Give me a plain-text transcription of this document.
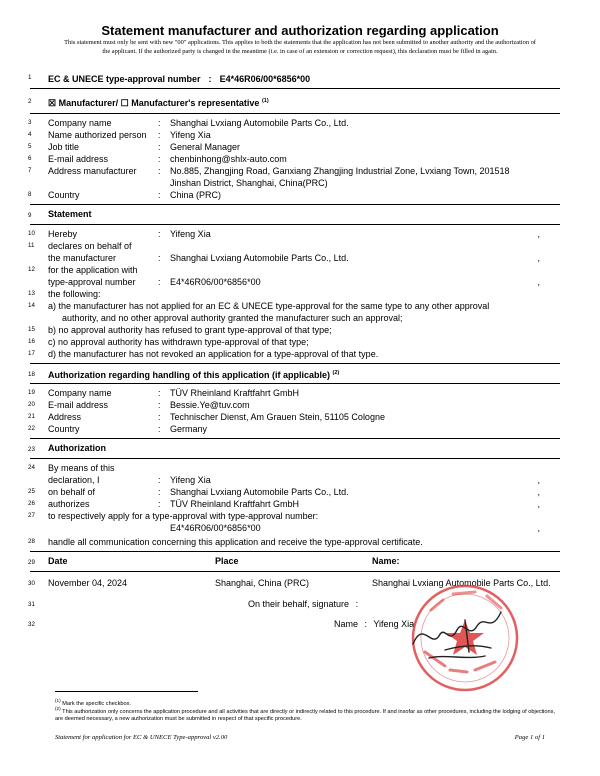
Statement manufacturer and authorization regarding application
This statement must only be sent with new "00" applications. This applies to both the statements that the application has not been submitted to another authority and the authorization of the applicant. If the authorized party is changed in the meantime (i.e. in case of an extension or correction request), this declaration must be filled in again.
1 EC & UNECE type-approval number : E4*46R06/00*6856*00
2 ☒ Manufacturer/ ☐ Manufacturer's representative $^{(1)}$
3 Company name	: Shanghai Lvxiang Automobile Parts Co., Ltd.
4 Name authorized person : Yifeng Xia
5 Job title	: General Manager
6 E-mail address	: chenbinhong@shlx-auto.com
7 Address manufacturer : No.885, Zhangjing Road, Ganxiang Zhangjing Industrial Zone, Lvxiang Town, 201518
Jinshan District, Shanghai, China(PRC)
8 Country	: China (PRC)
9 Statement
10 Hereby	: Yifeng Xia	,
11 declares on behalf of
the manufacturer	: Shanghai Lvxiang Automobile Parts Co., Ltd.	,
12 for the application with
type-approval number : E4*46R06/00*6856*00	,
13 the following:
14 a) the manufacturer has not applied for an EC & UNECE type-approval for the same type to any other approval
authority, and no other approval authority granted the manufacturer such an approval;
15 b) no approval authority has refused to grant type-approval of that type;
16 c) no approval authority has withdrawn type-approval of that type;
17 d) the manufacturer has not revoked an application for a type-approval of that type.
18 Authorization regarding handling of this application (if applicable) $^{(2)}$
19 Company name	: TÜV Rheinland Kraftfahrt GmbH
20 E-mail address	: Bessie.Ye@tuv.com
21 Address	: Technischer Dienst, Am Grauen Stein, 51105 Cologne
22 Country	: Germany
23 Authorization
24 By means of this
declaration, I	: Yifeng Xia	,
25 on behalf of	: Shanghai Lvxiang Automobile Parts Co., Ltd.	,
26 authorizes	: TÜV Rheinland Kraftfahrt GmbH	,
27 to respectively apply for a type-approval with type-approval number:
E4*46R06/00*6856*00	,
28 handle all communication concerning this application and receive the type-approval certificate.
29 Date	Place	Name:
30 November 04, 2024	Shanghai, China (PRC)	Shanghai Lvxiang Automobile Parts Co., Ltd.
31	On their behalf, signature :
32	Name : Yifeng Xia
$^{(1)}$ Mark the specific checkbox.
$^{(2)}$ This authorization only concerns the application procedure and all activities that are directly or indirectly related to this procedure. If and insofar as other procedures, including the lodging of objections, are deemed necessary, a new authorization must be submitted in respect of that specific procedure.
Statement for application for EC & UNECE Type-approval v2.00	Page 1 of 1
